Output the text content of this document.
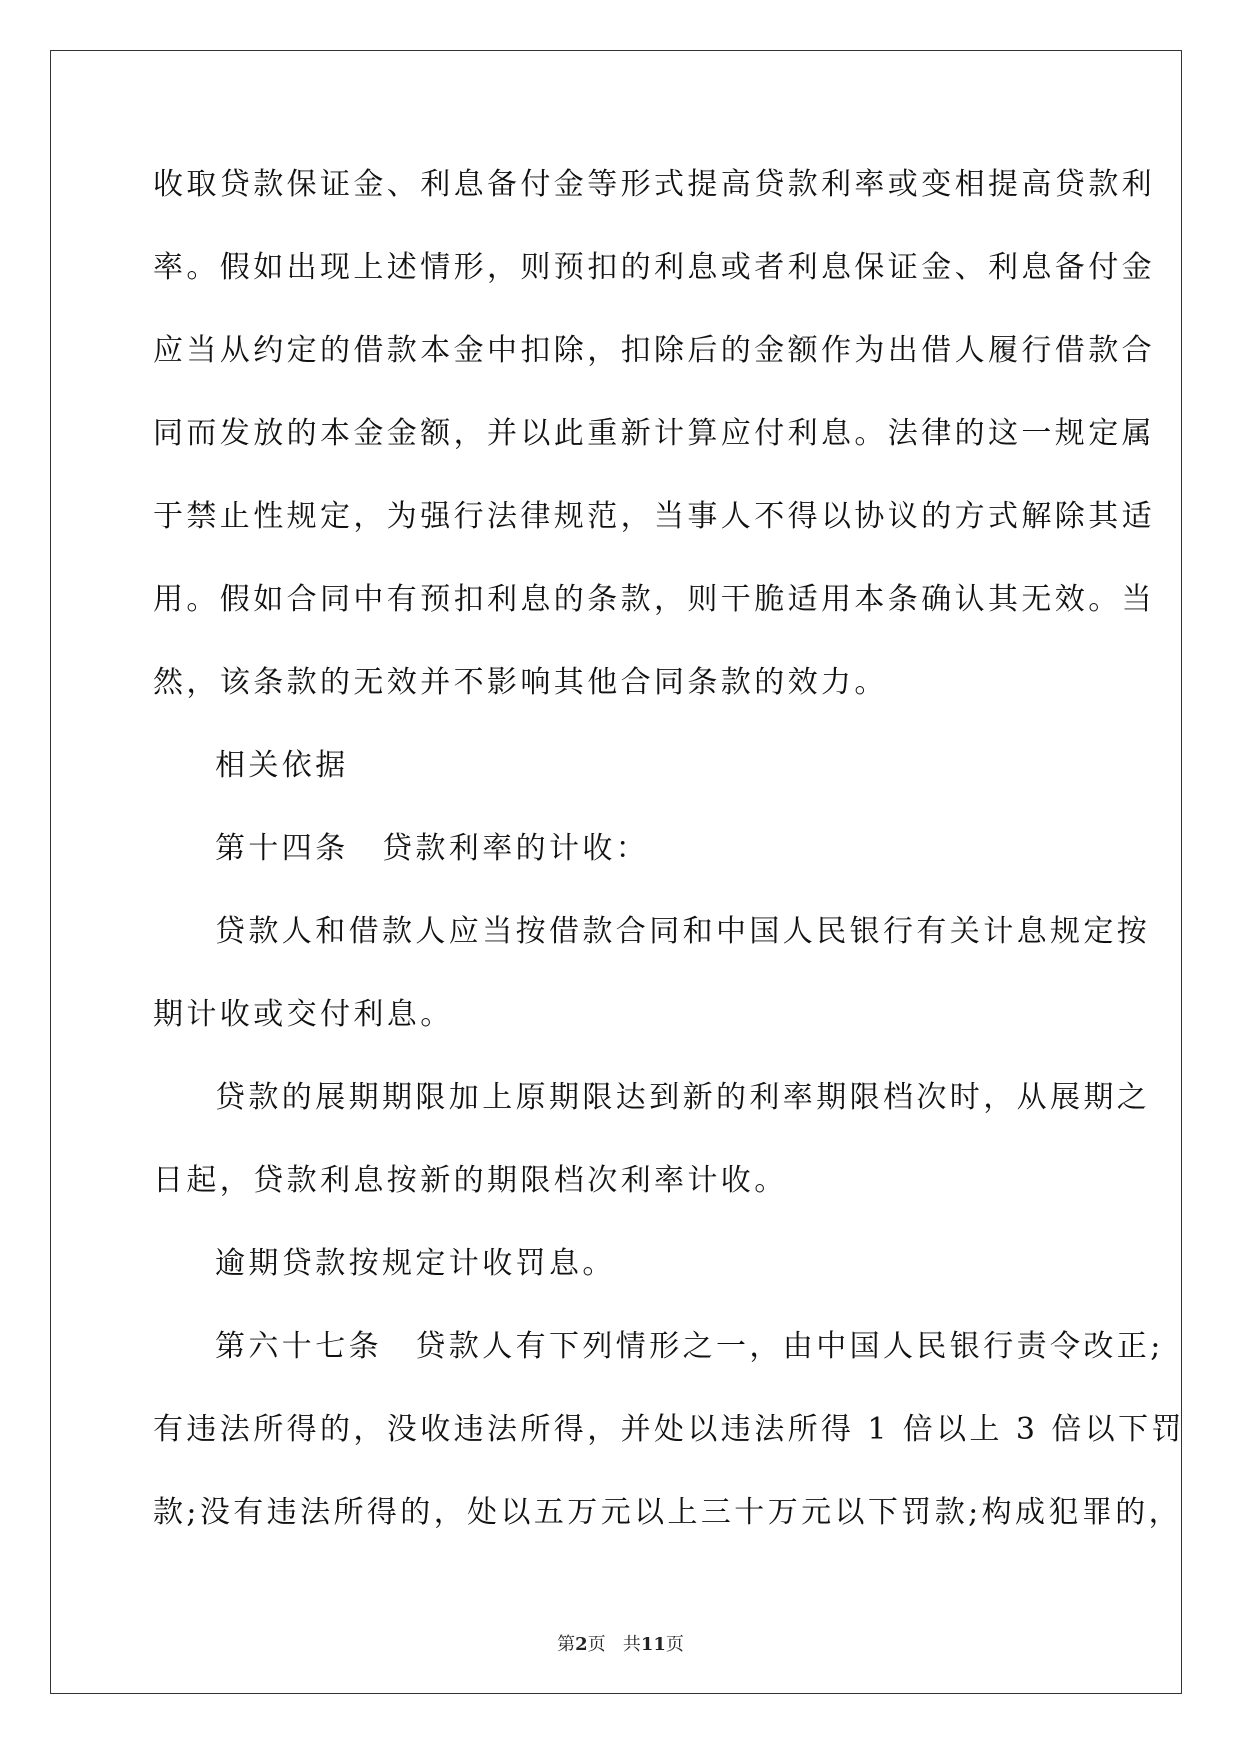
收取贷款保证金、利息备付金等形式提高贷款利率或变相提高贷款利
率。假如出现上述情形，则预扣的利息或者利息保证金、利息备付金
应当从约定的借款本金中扣除，扣除后的金额作为出借人履行借款合
同而发放的本金金额，并以此重新计算应付利息。法律的这一规定属
于禁止性规定，为强行法律规范，当事人不得以协议的方式解除其适
用。假如合同中有预扣利息的条款，则干脆适用本条确认其无效。当
然，该条款的无效并不影响其他合同条款的效力。
相关依据
第十四条　贷款利率的计收：
贷款人和借款人应当按借款合同和中国人民银行有关计息规定按
期计收或交付利息。
贷款的展期期限加上原期限达到新的利率期限档次时，从展期之
日起，贷款利息按新的期限档次利率计收。
逾期贷款按规定计收罚息。
第六十七条　贷款人有下列情形之一，由中国人民银行责令改正;
有违法所得的，没收违法所得，并处以违法所得 1 倍以上 3 倍以下罚
款;没有违法所得的，处以五万元以上三十万元以下罚款;构成犯罪的，
第2页 共11页
